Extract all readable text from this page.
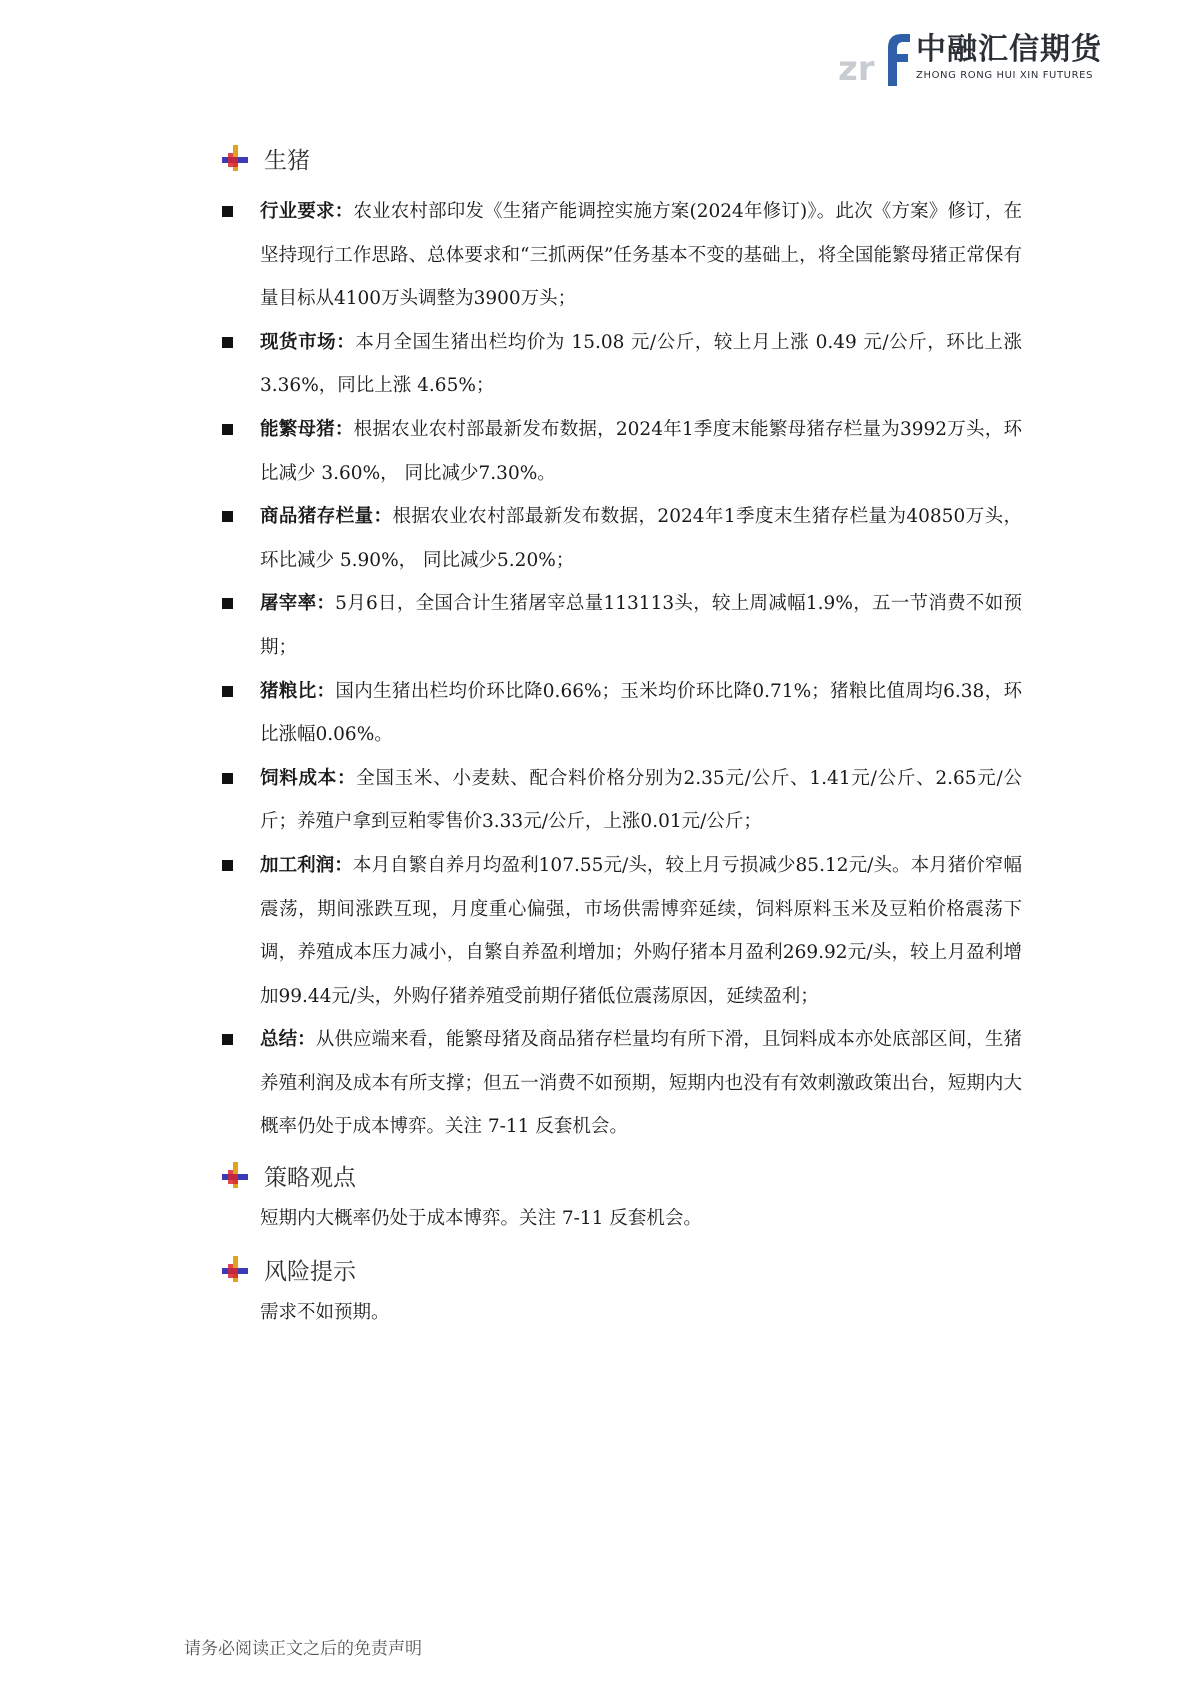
zr 中融汇信期货
ZHONG RONG HUI XIN FUTURES
生猪
行业要求：农业农村部印发《生猪产能调控实施方案(2024年修订)》。此次《方案》修订，在坚持现行工作思路、总体要求和“三抓两保”任务基本不变的基础上，将全国能繁母猪正常保有量目标从4100万头调整为3900万头；
现货市场：本月全国生猪出栏均价为 15.08 元/公斤，较上月上涨 0.49 元/公斤，环比上涨3.36%，同比上涨 4.65%；
能繁母猪：根据农业农村部最新发布数据，2024年1季度末能繁母猪存栏量为3992万头，环比减少 3.60%， 同比减少7.30%。
商品猪存栏量：根据农业农村部最新发布数据，2024年1季度末生猪存栏量为40850万头，环比减少 5.90%， 同比减少5.20%；
屠宰率：5月6日，全国合计生猪屠宰总量113113头，较上周减幅1.9%，五一节消费不如预期；
猪粮比：国内生猪出栏均价环比降0.66%；玉米均价环比降0.71%；猪粮比值周均6.38，环比涨幅0.06%。
饲料成本：全国玉米、小麦麸、配合料价格分别为2.35元/公斤、1.41元/公斤、2.65元/公斤；养殖户拿到豆粕零售价3.33元/公斤，上涨0.01元/公斤；
加工利润：本月自繁自养月均盈利107.55元/头，较上月亏损减少85.12元/头。本月猪价窄幅震荡，期间涨跌互现，月度重心偏强，市场供需博弈延续，饲料原料玉米及豆粕价格震荡下调，养殖成本压力减小，自繁自养盈利增加；外购仔猪本月盈利269.92元/头，较上月盈利增加99.44元/头，外购仔猪养殖受前期仔猪低位震荡原因，延续盈利；
总结：从供应端来看，能繁母猪及商品猪存栏量均有所下滑，且饲料成本亦处底部区间，生猪养殖利润及成本有所支撑；但五一消费不如预期，短期内也没有有效刺激政策出台，短期内大概率仍处于成本博弈。关注 7-11 反套机会。
策略观点
短期内大概率仍处于成本博弈。关注 7-11 反套机会。
风险提示
需求不如预期。
请务必阅读正文之后的免责声明
